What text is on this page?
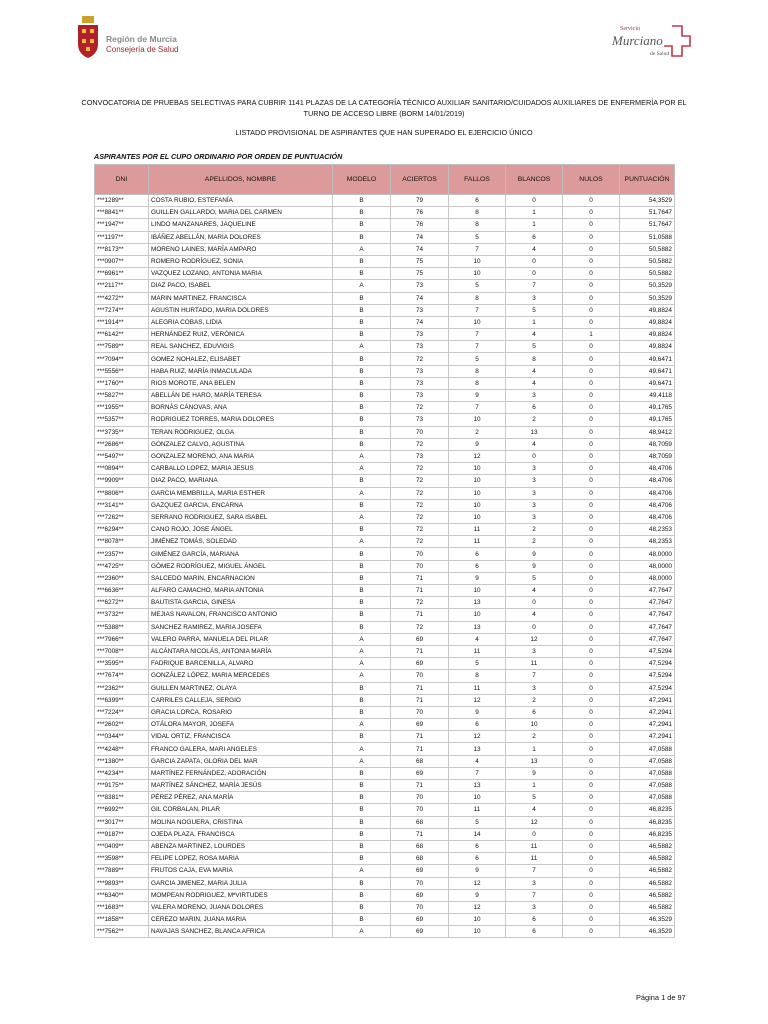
Región de Murcia
Consejería de Salud
Servicio
Murciano
de Salud
CONVOCATORIA DE PRUEBAS SELECTIVAS PARA CUBRIR 1141 PLAZAS DE LA CATEGORÍA TÉCNICO AUXILIAR SANITARIO/CUIDADOS AUXILIARES DE ENFERMERÍA POR EL TURNO DE ACCESO LIBRE (BORM 14/01/2019)
LISTADO PROVISIONAL DE ASPIRANTES QUE HAN SUPERADO EL EJERCICIO ÚNICO
ASPIRANTES POR EL CUPO ORDINARIO POR ORDEN DE PUNTUACIÓN
DNI	APELLIDOS, NOMBRE	MODELO	ACIERTOS	FALLOS	BLANCOS	NULOS	PUNTUACIÓN
***1289**	COSTA RUBIO, ESTEFANÍA	B	79	6	0	0	54,3529
***8841**	GUILLEN GALLARDO, MARIA DEL CARMEN	B	76	8	1	0	51,7647
***1947**	LINDO MANZANARES, JAQUELINE	B	76	8	1	0	51,7647
***1197**	IBÁÑEZ ABELLÁN, MARIA DOLORES	B	74	5	6	0	51,0588
***8173**	MORENO LAINES, MARÍA AMPARO	A	74	7	4	0	50,5882
***0907**	ROMERO RODRÍGUEZ, SONIA	B	75	10	0	0	50,5882
***6961**	VAZQUEZ LOZANO, ANTONIA MARIA	B	75	10	0	0	50,5882
***2117**	DIAZ PACO, ISABEL	A	73	5	7	0	50,3529
***4272**	MARIN MARTINEZ, FRANCISCA	B	74	8	3	0	50,3529
***7274**	AGUSTIN HURTADO, MARIA DOLORES	B	73	7	5	0	49,8824
***1914**	ALEGRIA COBAS, LIDIA	B	74	10	1	0	49,8824
***6142**	HERNÁNDEZ RUIZ, VERÓNICA	B	73	7	4	1	49,8824
***7589**	REAL SANCHEZ, EDUVIGIS	A	73	7	5	0	49,8824
***7094**	GOMEZ NOHALEZ, ELISABET	B	72	5	8	0	49,6471
***5556**	HABA RUIZ, MARÍA INMACULADA	B	73	8	4	0	49,6471
***1760**	RIOS MOROTE, ANA BELEN	B	73	8	4	0	49,6471
***5827**	ABELLÁN DE HARO, MARÍA TERESA	B	73	9	3	0	49,4118
***1955**	BORNÁS CÁNOVAS, ANA	B	72	7	6	0	49,1765
***5357**	RODRIGUEZ TORRES, MARIA DOLORES	B	73	10	2	0	49,1765
***3735**	TERAN RODRIGUEZ, OLGA	B	70	2	13	0	48,9412
***2686**	GONZALEZ CALVO, AGUSTINA	B	72	9	4	0	48,7059
***5497**	GONZALEZ MORENO, ANA MARIA	A	73	12	0	0	48,7059
***0894**	CARBALLO LOPEZ, MARIA JESUS	A	72	10	3	0	48,4706
***9909**	DIAZ PACO, MARIANA	B	72	10	3	0	48,4706
***8806**	GARCIA MEMBRILLA, MARIA ESTHER	A	72	10	3	0	48,4706
***3141**	GAZQUEZ GARCIA, ENCARNA	B	72	10	3	0	48,4706
***7262**	SERRANO RODRIGUEZ, SARA ISABEL	A	72	10	3	0	48,4706
***6294**	CANO ROJO, JOSE ÁNGEL	B	72	11	2	0	48,2353
***8078**	JIMÉNEZ TOMÁS, SOLEDAD	A	72	11	2	0	48,2353
***2357**	GIMÉNEZ GARCÍA, MARIANA	B	70	6	9	0	48,0000
***4725**	GÓMEZ RODRÍGUEZ, MIGUEL ÁNGEL	B	70	6	9	0	48,0000
***2360**	SALCEDO MARIN, ENCARNACION	B	71	9	5	0	48,0000
***6636**	ALFARO CAMACHO, MARIA ANTONIA	B	71	10	4	0	47,7647
***6272**	BAUTISTA GARCIA, GINESA	B	72	13	0	0	47,7647
***3732**	MEJIAS NAVALON, FRANCISCO ANTONIO	B	71	10	4	0	47,7647
***5388**	SANCHEZ RAMIREZ, MARIA JOSEFA	B	72	13	0	0	47,7647
***7966**	VALERO PARRA, MANUELA DEL PILAR	A	69	4	12	0	47,7647
***7008**	ALCÁNTARA NICOLÁS, ANTONIA MARÍA	A	71	11	3	0	47,5294
***3595**	FADRIQUE BARCENILLA, ALVARO	A	69	5	11	0	47,5294
***7674**	GONZÁLEZ LÓPEZ, MARIA MERCEDES	A	70	8	7	0	47,5294
***2362**	GUILLEN MARTINEZ, OLAYA	B	71	11	3	0	47,5294
***6399**	CARRILES CALLEJA, SERGIO	B	71	12	2	0	47,2941
***7224**	GRACIA LORCA, ROSARIO	B	70	9	6	0	47,2941
***2602**	OTÁLORA MAYOR, JOSEFA	A	69	6	10	0	47,2941
***0344**	VIDAL ORTIZ, FRANCISCA	B	71	12	2	0	47,2941
***4248**	FRANCO GALERA, MARI ANGELES	A	71	13	1	0	47,0588
***1380**	GARCIA ZAPATA, GLORIA DEL MAR	A	68	4	13	0	47,0588
***4234**	MARTÍNEZ FERNÁNDEZ, ADORACIÓN	B	69	7	9	0	47,0588
***9175**	MARTÍNEZ SÁNCHEZ, MARÍA JESÚS	B	71	13	1	0	47,0588
***8381**	PÉREZ PÉREZ, ANA MARÍA	B	70	10	5	0	47,0588
***6992**	GIL CORBALAN, PILAR	B	70	11	4	0	46,8235
***3017**	MOLINA NOGUERA, CRISTINA	B	68	5	12	0	46,8235
***9187**	OJEDA PLAZA, FRANCISCA	B	71	14	0	0	46,8235
***0409**	ABENZA MARTINEZ, LOURDES	B	68	6	11	0	46,5882
***3598**	FELIPE LOPEZ, ROSA MARIA	B	68	6	11	0	46,5882
***7889**	FRUTOS CAJA, EVA MARIA	A	69	9	7	0	46,5882
***9893**	GARCIA JIMENEZ, MARIA JULIA	B	70	12	3	0	46,5882
***6340**	MOMPEAN RODRIGUEZ, MªVIRTUDES	B	69	9	7	0	46,5882
***1683**	VALERA MORENO, JUANA DOLORES	B	70	12	3	0	46,5882
***1858**	CEREZO MARIN, JUANA MARIA	B	69	10	6	0	46,3529
***7562**	NAVAJAS SANCHEZ, BLANCA AFRICA	A	69	10	6	0	46,3529
Página 1 de 97
